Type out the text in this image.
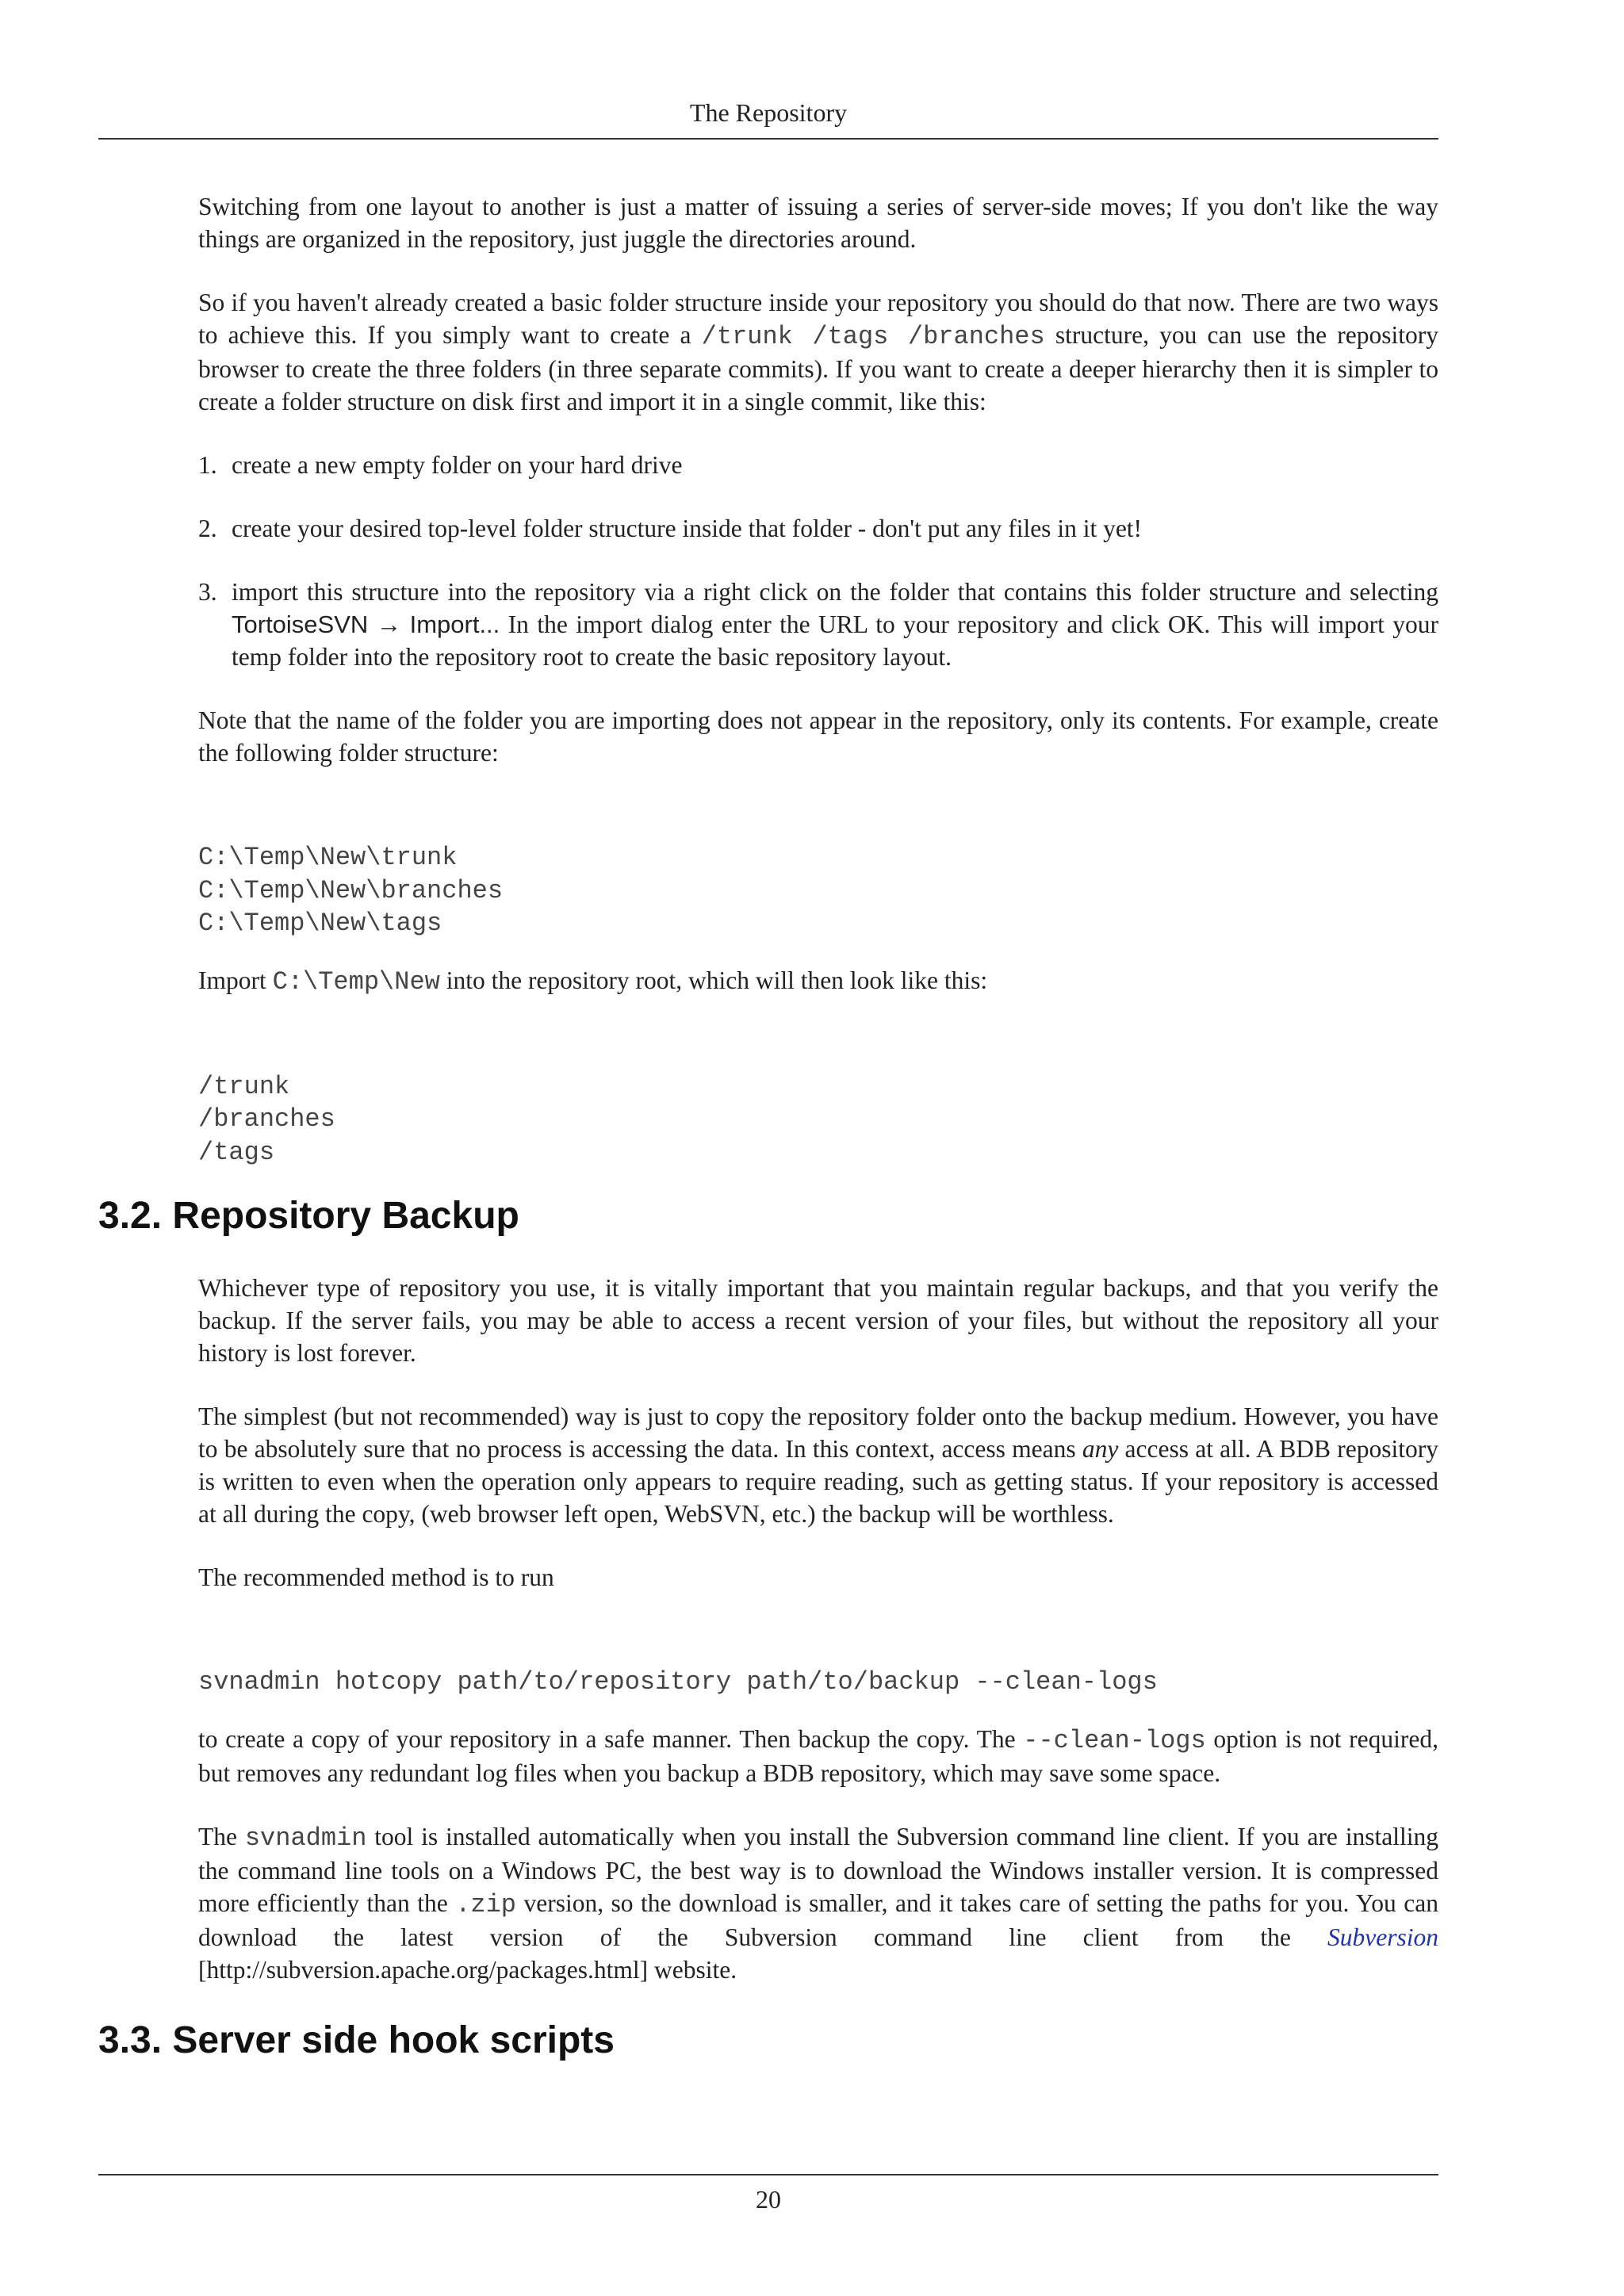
The Repository

Switching from one layout to another is just a matter of issuing a series of server-side moves; If you don't like the way things are organized in the repository, just juggle the directories around.

So if you haven't already created a basic folder structure inside your repository you should do that now. There are two ways to achieve this. If you simply want to create a /trunk /tags /branches structure, you can use the repository browser to create the three folders (in three separate commits). If you want to create a deeper hierarchy then it is simpler to create a folder structure on disk first and import it in a single commit, like this:

1. create a new empty folder on your hard drive
2. create your desired top-level folder structure inside that folder - don't put any files in it yet!
3. import this structure into the repository via a right click on the folder that contains this folder structure and selecting TortoiseSVN → Import... In the import dialog enter the URL to your repository and click OK. This will import your temp folder into the repository root to create the basic repository layout.

Note that the name of the folder you are importing does not appear in the repository, only its contents. For example, create the following folder structure:

C:\Temp\New\trunk
C:\Temp\New\branches
C:\Temp\New\tags

Import C:\Temp\New into the repository root, which will then look like this:

/trunk
/branches
/tags
3.2. Repository Backup

Whichever type of repository you use, it is vitally important that you maintain regular backups, and that you verify the backup. If the server fails, you may be able to access a recent version of your files, but without the repository all your history is lost forever.

The simplest (but not recommended) way is just to copy the repository folder onto the backup medium. However, you have to be absolutely sure that no process is accessing the data. In this context, access means any access at all. A BDB repository is written to even when the operation only appears to require reading, such as getting status. If your repository is accessed at all during the copy, (web browser left open, WebSVN, etc.) the backup will be worthless.

The recommended method is to run

svnadmin hotcopy path/to/repository path/to/backup --clean-logs

to create a copy of your repository in a safe manner. Then backup the copy. The --clean-logs option is not required, but removes any redundant log files when you backup a BDB repository, which may save some space.

The svnadmin tool is installed automatically when you install the Subversion command line client. If you are installing the command line tools on a Windows PC, the best way is to download the Windows installer version. It is compressed more efficiently than the .zip version, so the download is smaller, and it takes care of setting the paths for you. You can download the latest version of the Subversion command line client from the Subversion [http://subversion.apache.org/packages.html] website.

3.3. Server side hook scripts
20
